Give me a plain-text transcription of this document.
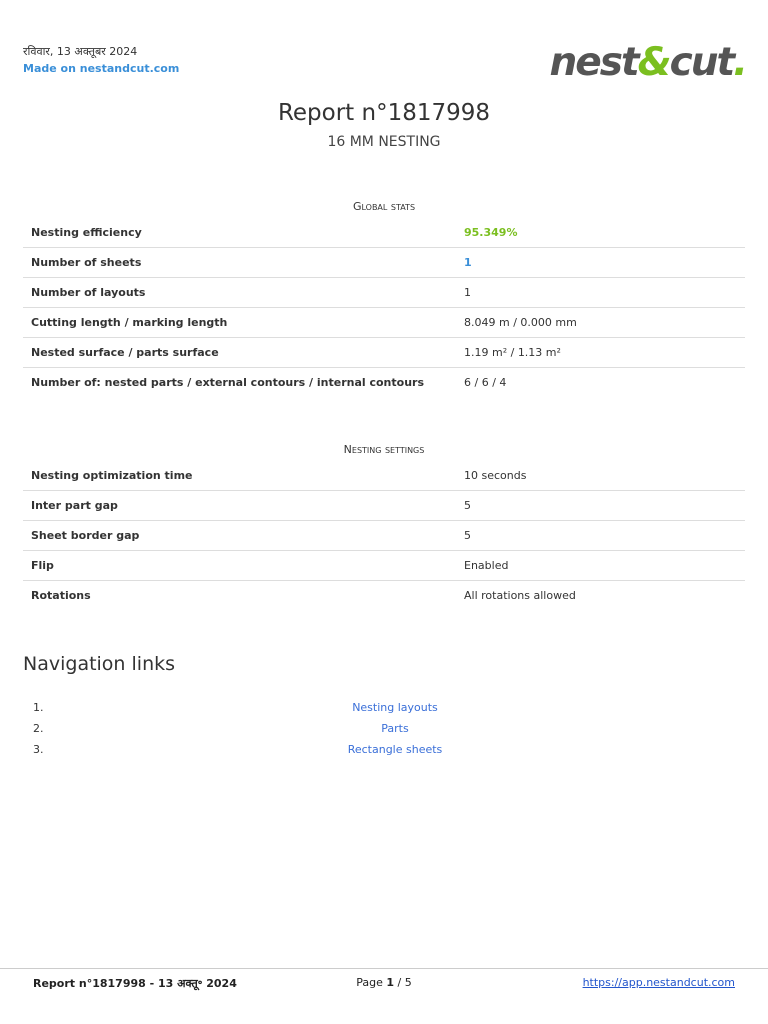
रविवार, 13 अक्तूबर 2024
Made on nestandcut.com	nest&cut.
Report n°1817998
16 MM NESTING
Global stats
Nesting efficiency	95.349%
Number of sheets	1
Number of layouts	1
Cutting length / marking length	8.049 m / 0.000 mm
Nested surface / parts surface	1.19 m² / 1.13 m²
Number of: nested parts / external contours / internal contours	6 / 6 / 4
Nesting settings
Nesting optimization time	10 seconds
Inter part gap	5
Sheet border gap	5
Flip	Enabled
Rotations	All rotations allowed
Navigation links
1.	Nesting layouts
2.	Parts
3.	Rectangle sheets
Report n°1817998 - 13 अक्तू॰ 2024	Page 1 / 5	https://app.nestandcut.com
